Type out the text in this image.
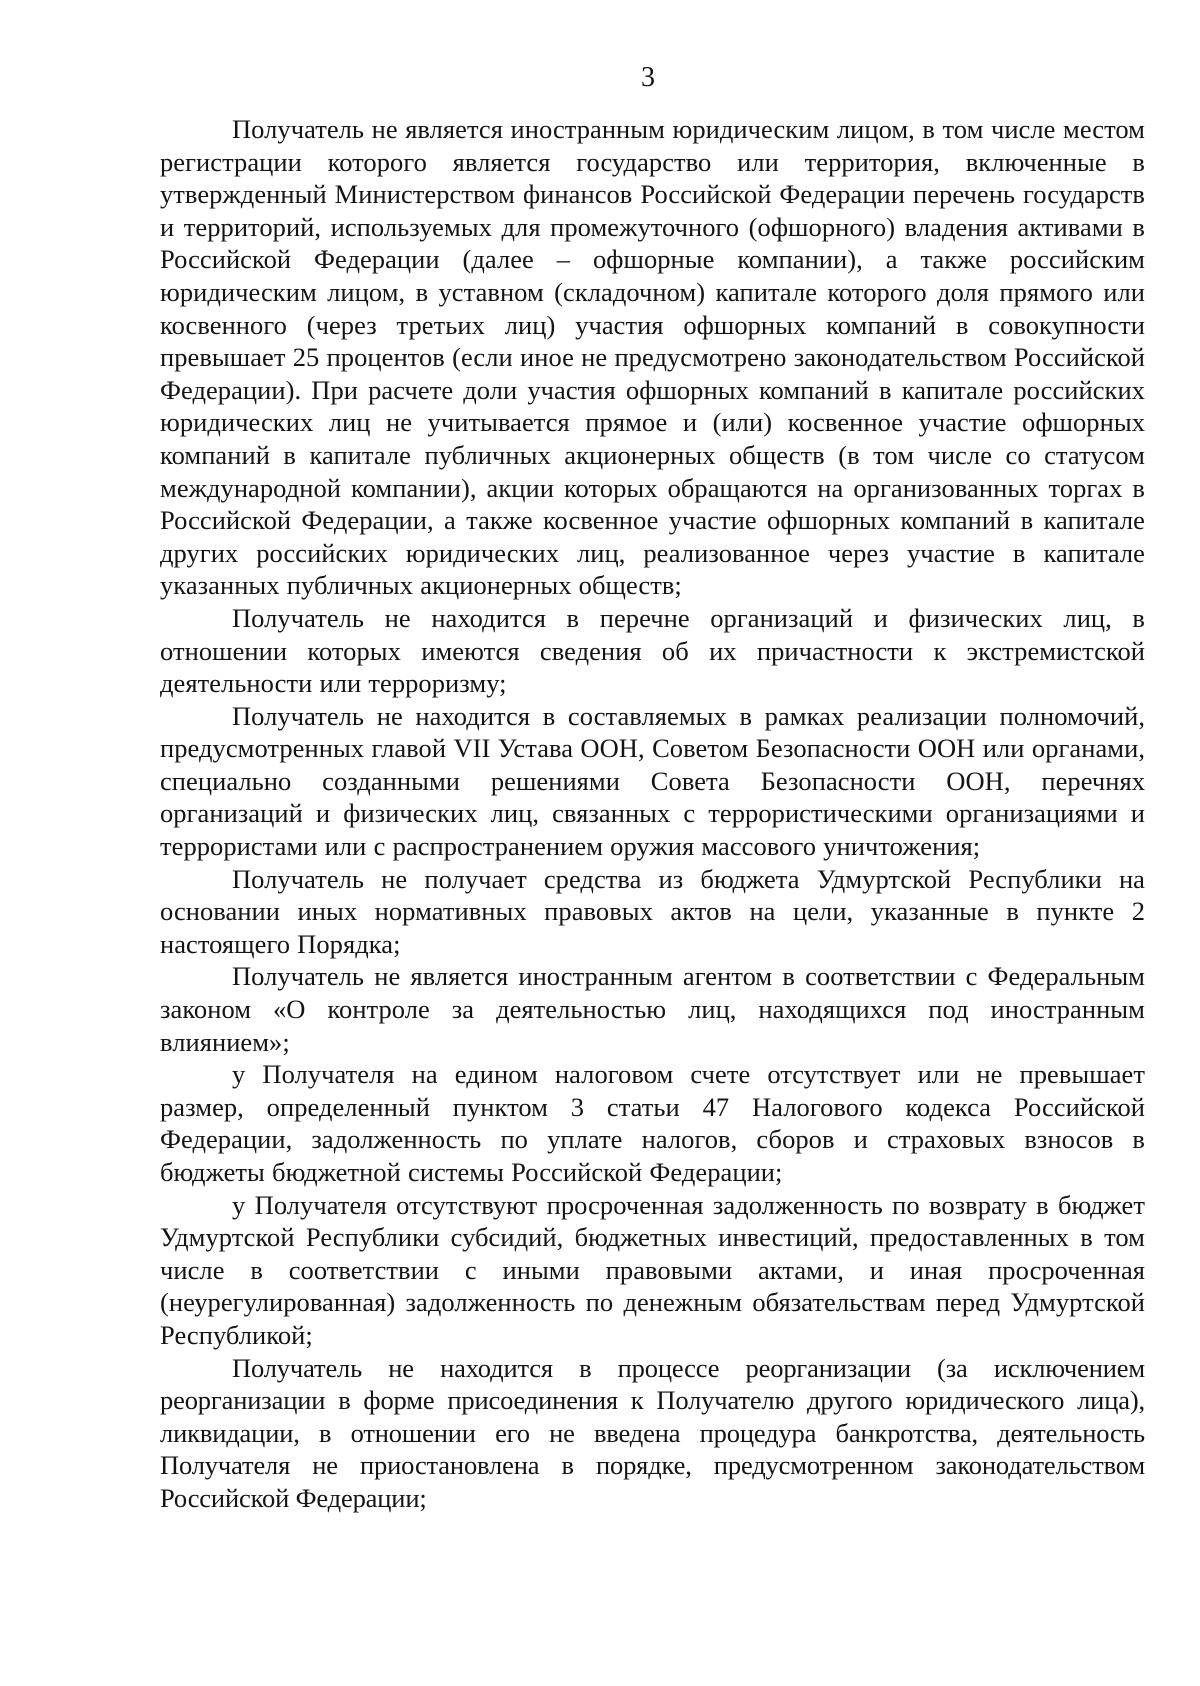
3

Получатель не является иностранным юридическим лицом, в том числе местом регистрации которого является государство или территория, включенные в утвержденный Министерством финансов Российской Федерации перечень государств и территорий, используемых для промежуточного (офшорного) владения активами в Российской Федерации (далее – офшорные компании), а также российским юридическим лицом, в уставном (складочном) капитале которого доля прямого или косвенного (через третьих лиц) участия офшорных компаний в совокупности превышает 25 процентов (если иное не предусмотрено законодательством Российской Федерации). При расчете доли участия офшорных компаний в капитале российских юридических лиц не учитывается прямое и (или) косвенное участие офшорных компаний в капитале публичных акционерных обществ (в том числе со статусом международной компании), акции которых обращаются на организованных торгах в Российской Федерации, а также косвенное участие офшорных компаний в капитале других российских юридических лиц, реализованное через участие в капитале указанных публичных акционерных обществ;

Получатель не находится в перечне организаций и физических лиц, в отношении которых имеются сведения об их причастности к экстремистской деятельности или терроризму;

Получатель не находится в составляемых в рамках реализации полномочий, предусмотренных главой VII Устава ООН, Советом Безопасности ООН или органами, специально созданными решениями Совета Безопасности ООН, перечнях организаций и физических лиц, связанных с террористическими организациями и террористами или с распространением оружия массового уничтожения;

Получатель не получает средства из бюджета Удмуртской Республики на основании иных нормативных правовых актов на цели, указанные в пункте 2 настоящего Порядка;

Получатель не является иностранным агентом в соответствии с Федеральным законом «О контроле за деятельностью лиц, находящихся под иностранным влиянием»;

у Получателя на едином налоговом счете отсутствует или не превышает размер, определенный пунктом 3 статьи 47 Налогового кодекса Российской Федерации, задолженность по уплате налогов, сборов и страховых взносов в бюджеты бюджетной системы Российской Федерации;

у Получателя отсутствуют просроченная задолженность по возврату в бюджет Удмуртской Республики субсидий, бюджетных инвестиций, предоставленных в том числе в соответствии с иными правовыми актами, и иная просроченная (неурегулированная) задолженность по денежным обязательствам перед Удмуртской Республикой;

Получатель не находится в процессе реорганизации (за исключением реорганизации в форме присоединения к Получателю другого юридического лица), ликвидации, в отношении его не введена процедура банкротства, деятельность Получателя не приостановлена в порядке, предусмотренном законодательством Российской Федерации;
